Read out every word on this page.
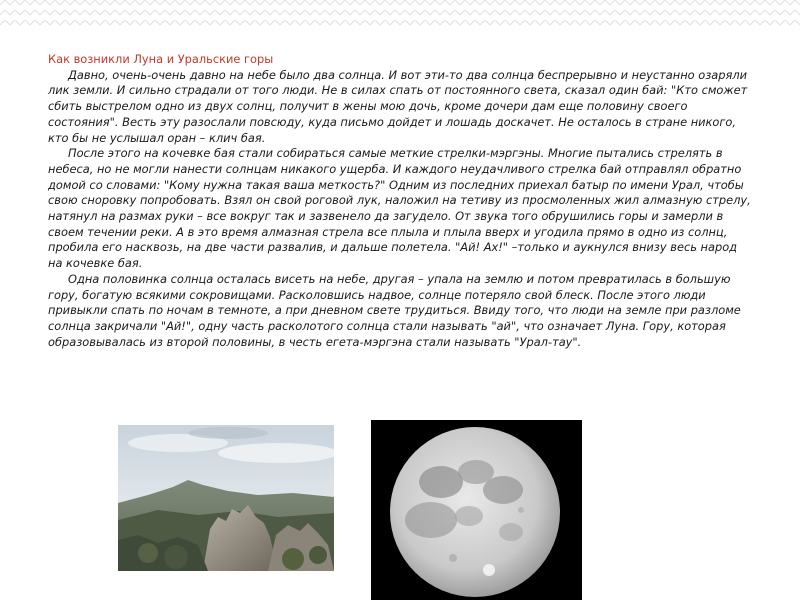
Как возникли Луна и Уральские горы

Давно, очень-очень давно на небе было два солнца. И вот эти-то два солнца беспрерывно и неустанно озаряли лик земли. И сильно страдали от того люди. Не в силах спать от постоянного света, сказал один бай: "Кто сможет сбить выстрелом одно из двух солнц, получит в жены мою дочь, кроме дочери дам еще половину своего состояния". Весть эту разослали повсюду, куда письмо дойдет и лошадь доскачет. Не осталось в стране никого, кто бы не услышал оран – клич бая.

После этого на кочевке бая стали собираться самые меткие стрелки-мэргэны. Многие пытались стрелять в небеса, но не могли нанести солнцам никакого ущерба. И каждого неудачливого стрелка бай отправлял обратно домой со словами: "Кому нужна такая ваша меткость?" Одним из последних приехал батыр по имени Урал, чтобы свою сноровку попробовать. Взял он свой роговой лук, наложил на тетиву из просмоленных жил алмазную стрелу, натянул на размах руки – все вокруг так и зазвенело да загудело. От звука того обрушились горы и замерли в своем течении реки. А в это время алмазная стрела все плыла и плыла вверх и угодила прямо в одно из солнц, пробила его насквозь, на две части развалив, и дальше полетела. "Ай! Ах!" –только и аукнулся внизу весь народ на кочевке бая.

Одна половинка солнца осталась висеть на небе, другая – упала на землю и потом превратилась в большую гору, богатую всякими сокровищами. Расколовшись надвое, солнце потеряло свой блеск. После этого люди привыкли спать по ночам в темноте, а при дневном свете трудиться. Ввиду того, что люди на земле при разломе солнца закричали "Ай!", одну часть расколотого солнца стали называть "ай", что означает Луна. Гору, которая образовывалась из второй половины, в честь егета-мэргэна стали называть "Урал-тау".
